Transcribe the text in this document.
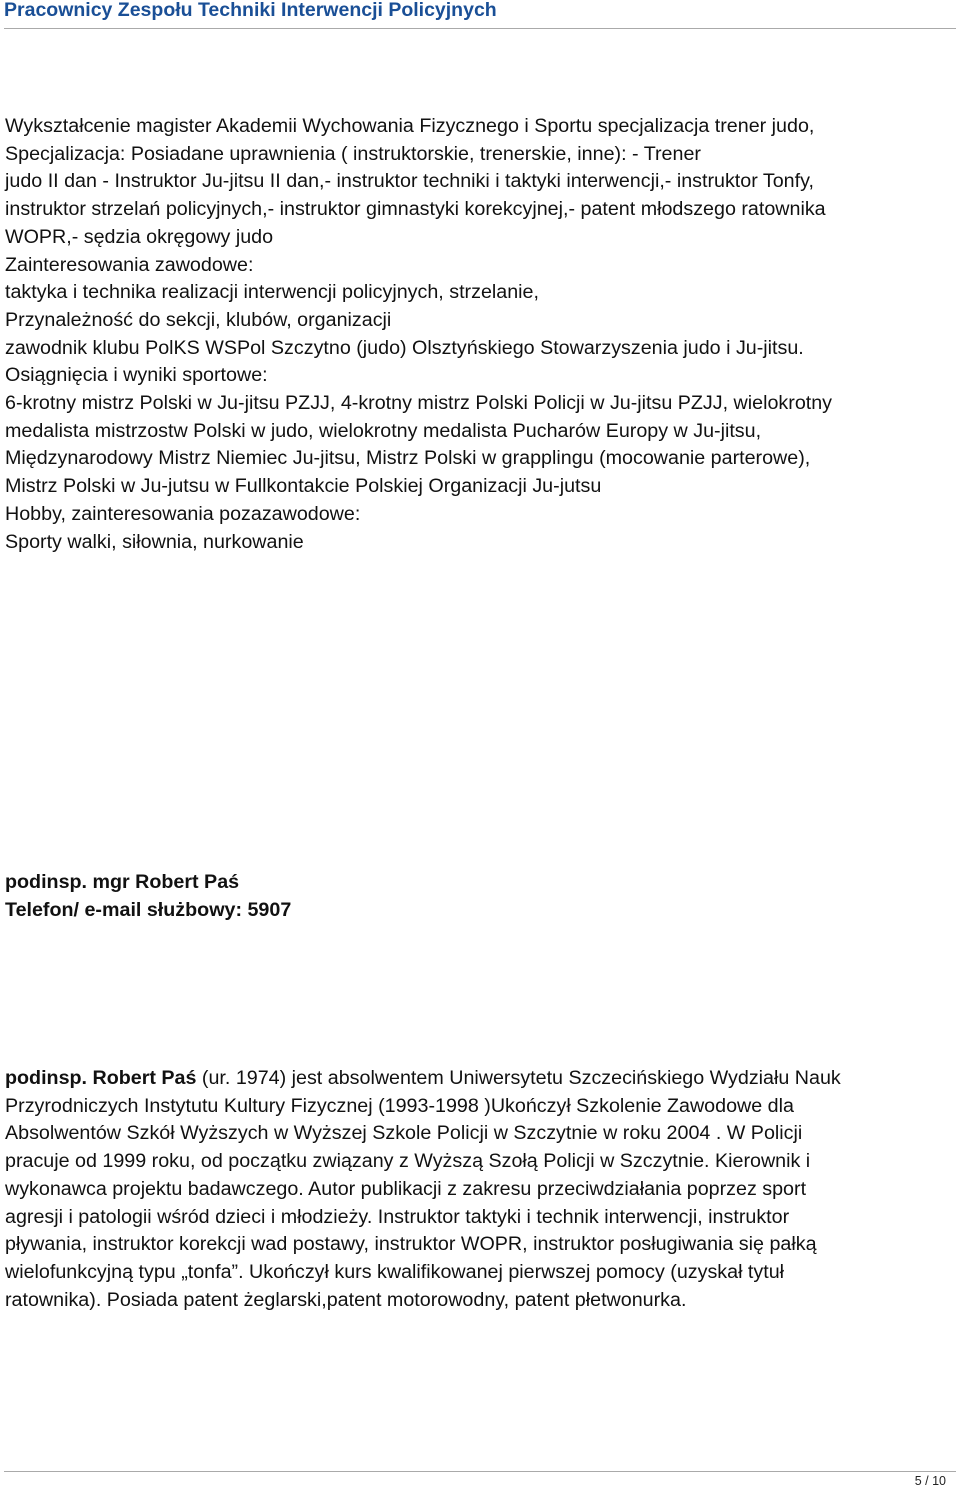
Pracownicy Zespołu Techniki Interwencji Policyjnych

Wykształcenie magister Akademii Wychowania Fizycznego i Sportu specjalizacja trener judo,

Specjalizacja: Posiadane uprawnienia ( instruktorskie, trenerskie, inne): - Trener

judo II dan - Instruktor Ju-jitsu II dan,- instruktor techniki i taktyki interwencji,- instruktor Tonfy,

instruktor strzelań policyjnych,- instruktor gimnastyki korekcyjnej,- patent młodszego ratownika

WOPR,- sędzia okręgowy judo

Zainteresowania zawodowe:

taktyka i technika realizacji interwencji policyjnych, strzelanie,

Przynależność do sekcji, klubów, organizacji

zawodnik klubu PolKS WSPol Szczytno (judo) Olsztyńskiego Stowarzyszenia judo i Ju-jitsu.

Osiągnięcia i wyniki sportowe:

6-krotny mistrz Polski w Ju-jitsu PZJJ, 4-krotny mistrz Polski Policji w Ju-jitsu PZJJ, wielokrotny

medalista mistrzostw Polski w judo, wielokrotny medalista Pucharów Europy w Ju-jitsu,

Międzynarodowy Mistrz Niemiec Ju-jitsu, Mistrz Polski w grapplingu (mocowanie parterowe),

Mistrz Polski w Ju-jutsu w Fullkontakcie Polskiej Organizacji Ju-jutsu

Hobby, zainteresowania pozazawodowe:

Sporty walki, siłownia, nurkowanie

podinsp. mgr Robert Paś

Telefon/ e-mail służbowy: 5907

podinsp. Robert Paś (ur. 1974) jest absolwentem Uniwersytetu Szczecińskiego Wydziału Nauk

Przyrodniczych Instytutu Kultury Fizycznej (1993-1998 )Ukończył Szkolenie Zawodowe dla

Absolwentów Szkół Wyższych w Wyższej Szkole Policji w Szczytnie w roku 2004 . W Policji

pracuje od 1999 roku, od początku związany z Wyższą Szołą Policji w Szczytnie. Kierownik i

wykonawca projektu badawczego. Autor publikacji z zakresu przeciwdziałania poprzez sport

agresji i patologii wśród dzieci i młodzieży. Instruktor taktyki i technik interwencji, instruktor

pływania, instruktor korekcji wad postawy, instruktor WOPR, instruktor posługiwania się pałką

wielofunkcyjną typu „tonfa”. Ukończył kurs kwalifikowanej pierwszej pomocy (uzyskał tytuł

ratownika). Posiada patent żeglarski,patent motorowodny, patent płetwonurka.

5 / 10
